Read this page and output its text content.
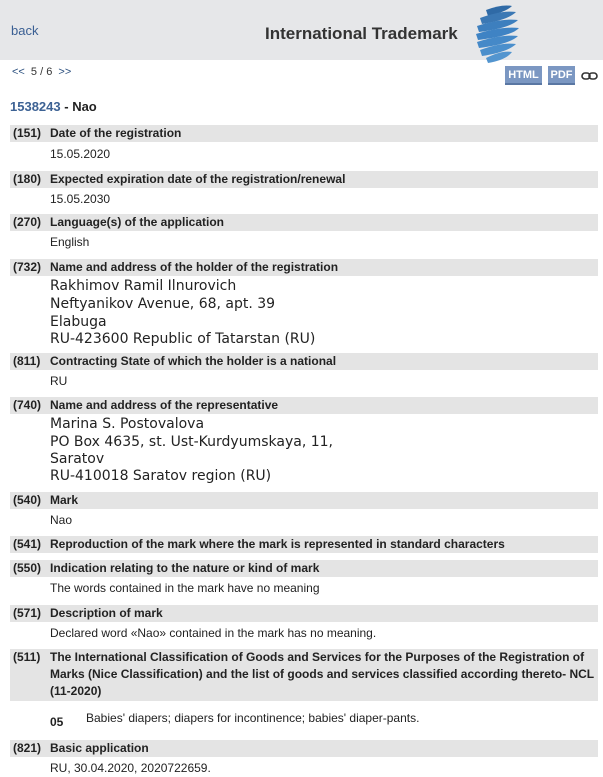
back	International Trademark
<< 5 / 6 >>	HTML PDF
1538243 - Nao
(151) Date of the registration
15.05.2020
(180) Expected expiration date of the registration/renewal
15.05.2030
(270) Language(s) of the application
English
(732) Name and address of the holder of the registration
Rakhimov Ramil Ilnurovich
Neftyanikov Avenue, 68, apt. 39
Elabuga
RU-423600 Republic of Tatarstan (RU)
(811) Contracting State of which the holder is a national
RU
(740) Name and address of the representative
Marina S. Postovalova
PO Box 4635, st. Ust-Kurdyumskaya, 11,
Saratov
RU-410018 Saratov region (RU)
(540) Mark
Nao
(541) Reproduction of the mark where the mark is represented in standard characters
(550) Indication relating to the nature or kind of mark
The words contained in the mark have no meaning
(571) Description of mark
Declared word «Nao» contained in the mark has no meaning.
(511) The International Classification of Goods and Services for the Purposes of the Registration of Marks (Nice Classification) and the list of goods and services classified according thereto- NCL (11-2020)
05 Babies' diapers; diapers for incontinence; babies' diaper-pants.
(821) Basic application
RU, 30.04.2020, 2020722659.
